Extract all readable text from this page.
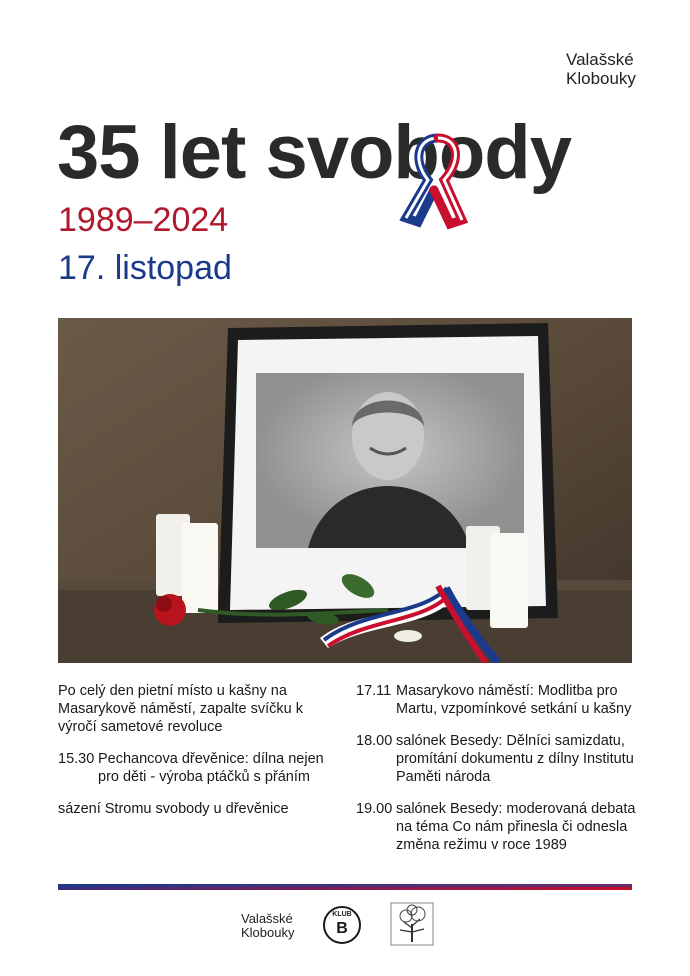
Valašské
Klobouky
35 let svobody
1989–2024
17. listopad

Po celý den pietní místo u kašny na Masarykově náměstí, zapalte svíčku k výročí sametové revoluce

15.30 Pechancova dřevěnice: dílna nejen pro děti - výroba ptáčků s přáním

sázení Stromu svobody u dřevěnice

17.11 Masarykovo náměstí: Modlitba pro Martu, vzpomínkové setkání u kašny
18.00 salónek Besedy: Dělníci samizdatu, promítání dokumentu z dílny Institutu Paměti národa
19.00 salónek Besedy: moderovaná debata na téma Co nám přinesla či odnesla změna režimu v roce 1989
Valašské
Klobouky
KLUB
B
